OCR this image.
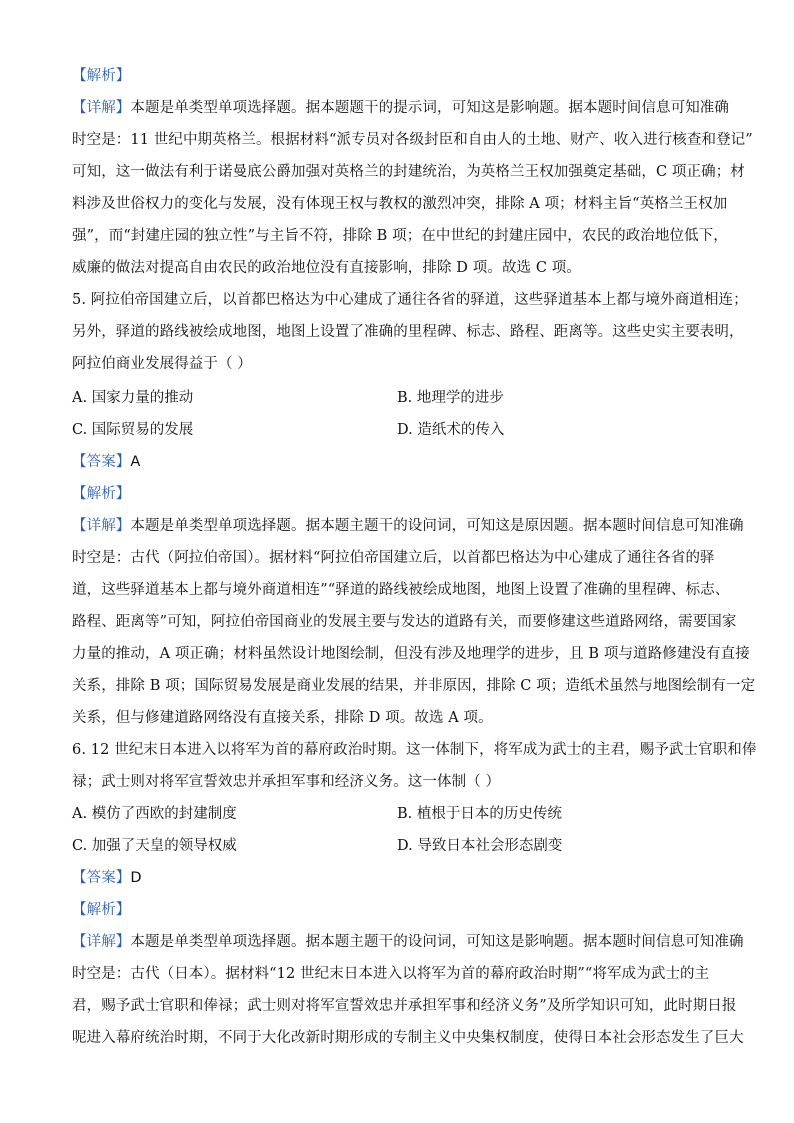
【解析】
【详解】本题是单类型单项选择题。据本题题干的提示词，可知这是影响题。据本题时间信息可知准确
时空是：11 世纪中期英格兰。根据材料“派专员对各级封臣和自由人的土地、财产、收入进行核查和登记”
可知，这一做法有利于诺曼底公爵加强对英格兰的封建统治，为英格兰王权加强奠定基础，C 项正确；材
料涉及世俗权力的变化与发展，没有体现王权与教权的激烈冲突，排除 A 项；材料主旨“英格兰王权加
强”，而“封建庄园的独立性”与主旨不符，排除 B 项；在中世纪的封建庄园中，农民的政治地位低下，
威廉的做法对提高自由农民的政治地位没有直接影响，排除 D 项。故选 C 项。
5. 阿拉伯帝国建立后，以首都巴格达为中心建成了通往各省的驿道，这些驿道基本上都与境外商道相连；
另外，驿道的路线被绘成地图，地图上设置了准确的里程碑、标志、路程、距离等。这些史实主要表明，
阿拉伯商业发展得益于（ ）
A. 国家力量的推动	B. 地理学的进步
C. 国际贸易的发展	D. 造纸术的传入
【答案】A
【解析】
【详解】本题是单类型单项选择题。据本题主题干的设问词，可知这是原因题。据本题时间信息可知准确
时空是：古代（阿拉伯帝国）。据材料“阿拉伯帝国建立后，以首都巴格达为中心建成了通往各省的驿
道，这些驿道基本上都与境外商道相连”“驿道的路线被绘成地图，地图上设置了准确的里程碑、标志、
路程、距离等”可知，阿拉伯帝国商业的发展主要与发达的道路有关，而要修建这些道路网络，需要国家
力量的推动，A 项正确；材料虽然设计地图绘制，但没有涉及地理学的进步，且 B 项与道路修建没有直接
关系，排除 B 项；国际贸易发展是商业发展的结果，并非原因，排除 C 项；造纸术虽然与地图绘制有一定
关系，但与修建道路网络没有直接关系，排除 D 项。故选 A 项。
6. 12 世纪末日本进入以将军为首的幕府政治时期。这一体制下，将军成为武士的主君，赐予武士官职和俸
禄；武士则对将军宣誓效忠并承担军事和经济义务。这一体制（ ）
A. 模仿了西欧的封建制度	B. 植根于日本的历史传统
C. 加强了天皇的领导权威	D. 导致日本社会形态剧变
【答案】D
【解析】
【详解】本题是单类型单项选择题。据本题主题干的设问词，可知这是影响题。据本题时间信息可知准确
时空是：古代（日本）。据材料“12 世纪末日本进入以将军为首的幕府政治时期”“将军成为武士的主
君，赐予武士官职和俸禄；武士则对将军宣誓效忠并承担军事和经济义务”及所学知识可知，此时期日报
呢进入幕府统治时期，不同于大化改新时期形成的专制主义中央集权制度，使得日本社会形态发生了巨大
